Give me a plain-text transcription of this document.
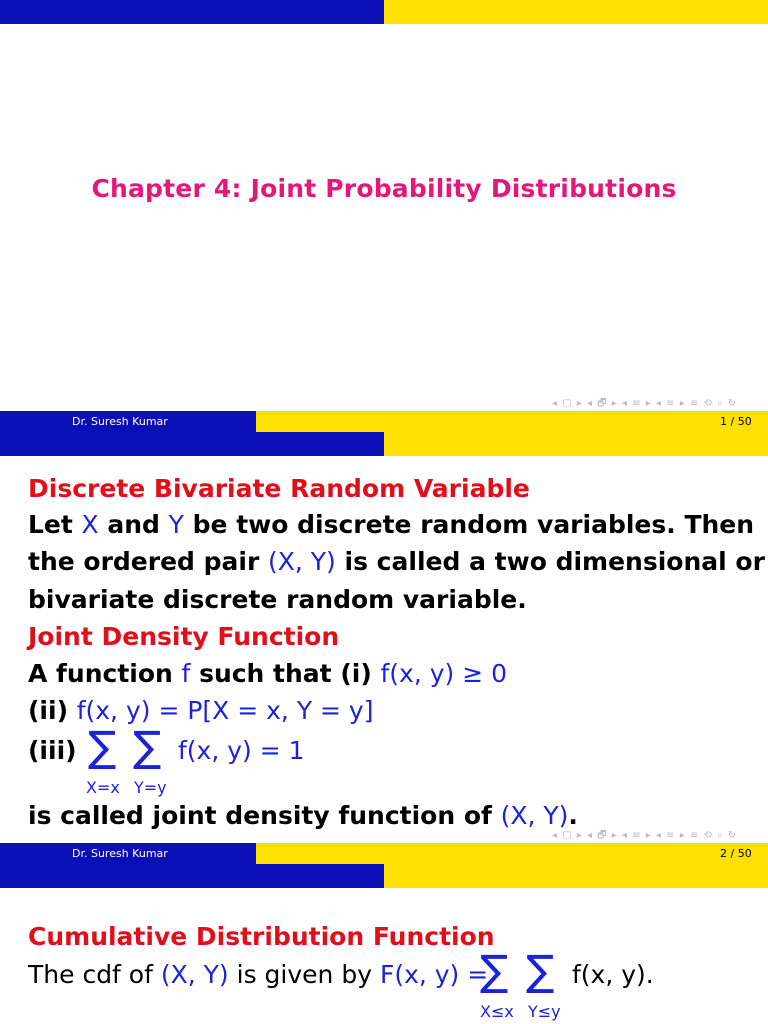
Chapter 4: Joint Probability Distributions
◂ ▢ ▸ ◂ 🗗 ▸ ◂ ≡ ▸ ◂ ≡ ▸ ≡ ⟲ ⌕ ↻
Dr. Suresh Kumar	1 / 50
Discrete Bivariate Random Variable
Let X and Y be two discrete random variables. Then
the ordered pair (X, Y) is called a two dimensional or
bivariate discrete random variable.
Joint Density Function
A function f such that (i) f(x, y) ≥ 0
(ii) f(x, y) = P[X = x, Y = y]
(iii) ∑ ∑ f(x, y) = 1
X=x Y=y
is called joint density function of (X, Y).
◂ ▢ ▸ ◂ 🗗 ▸ ◂ ≡ ▸ ◂ ≡ ▸ ≡ ⟲ ⌕ ↻
Dr. Suresh Kumar	2 / 50
Cumulative Distribution Function
The cdf of (X, Y) is given by F(x, y) =
∑ ∑ f(x, y).
X≤x Y≤y
